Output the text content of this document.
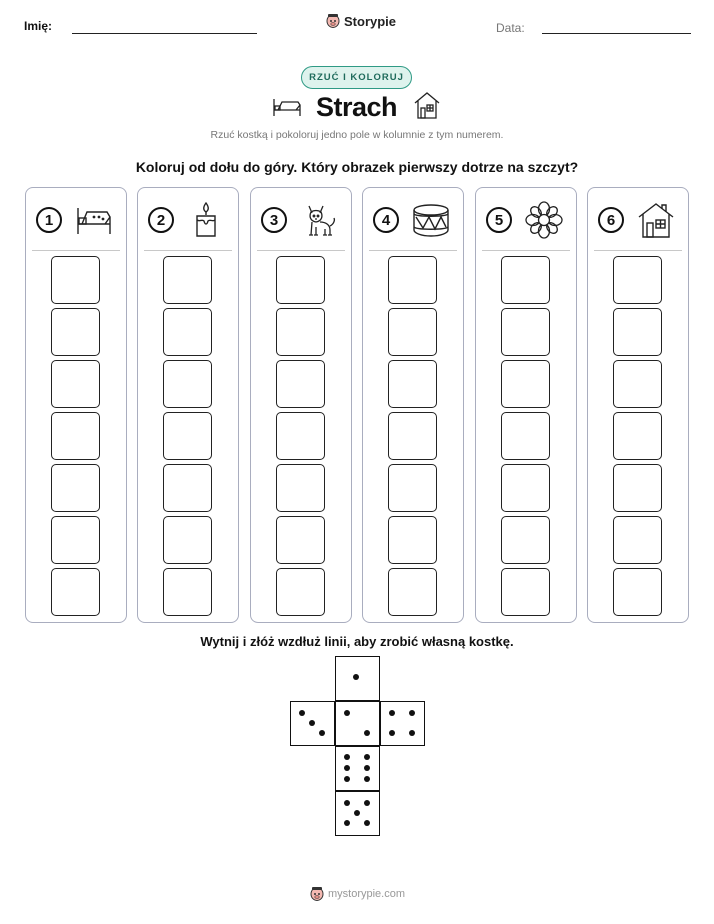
Imię:	Storypie	Data:
RZUĆ I KOLORUJ
Strach
Rzuć kostką i pokoloruj jedno pole w kolumnie z tym numerem.
Koloruj od dołu do góry. Który obrazek pierwszy dotrze na szczyt?
1	2	3	4	5	6
Wytnij i złóż wzdłuż linii, aby zrobić własną kostkę.
mystorypie.com
